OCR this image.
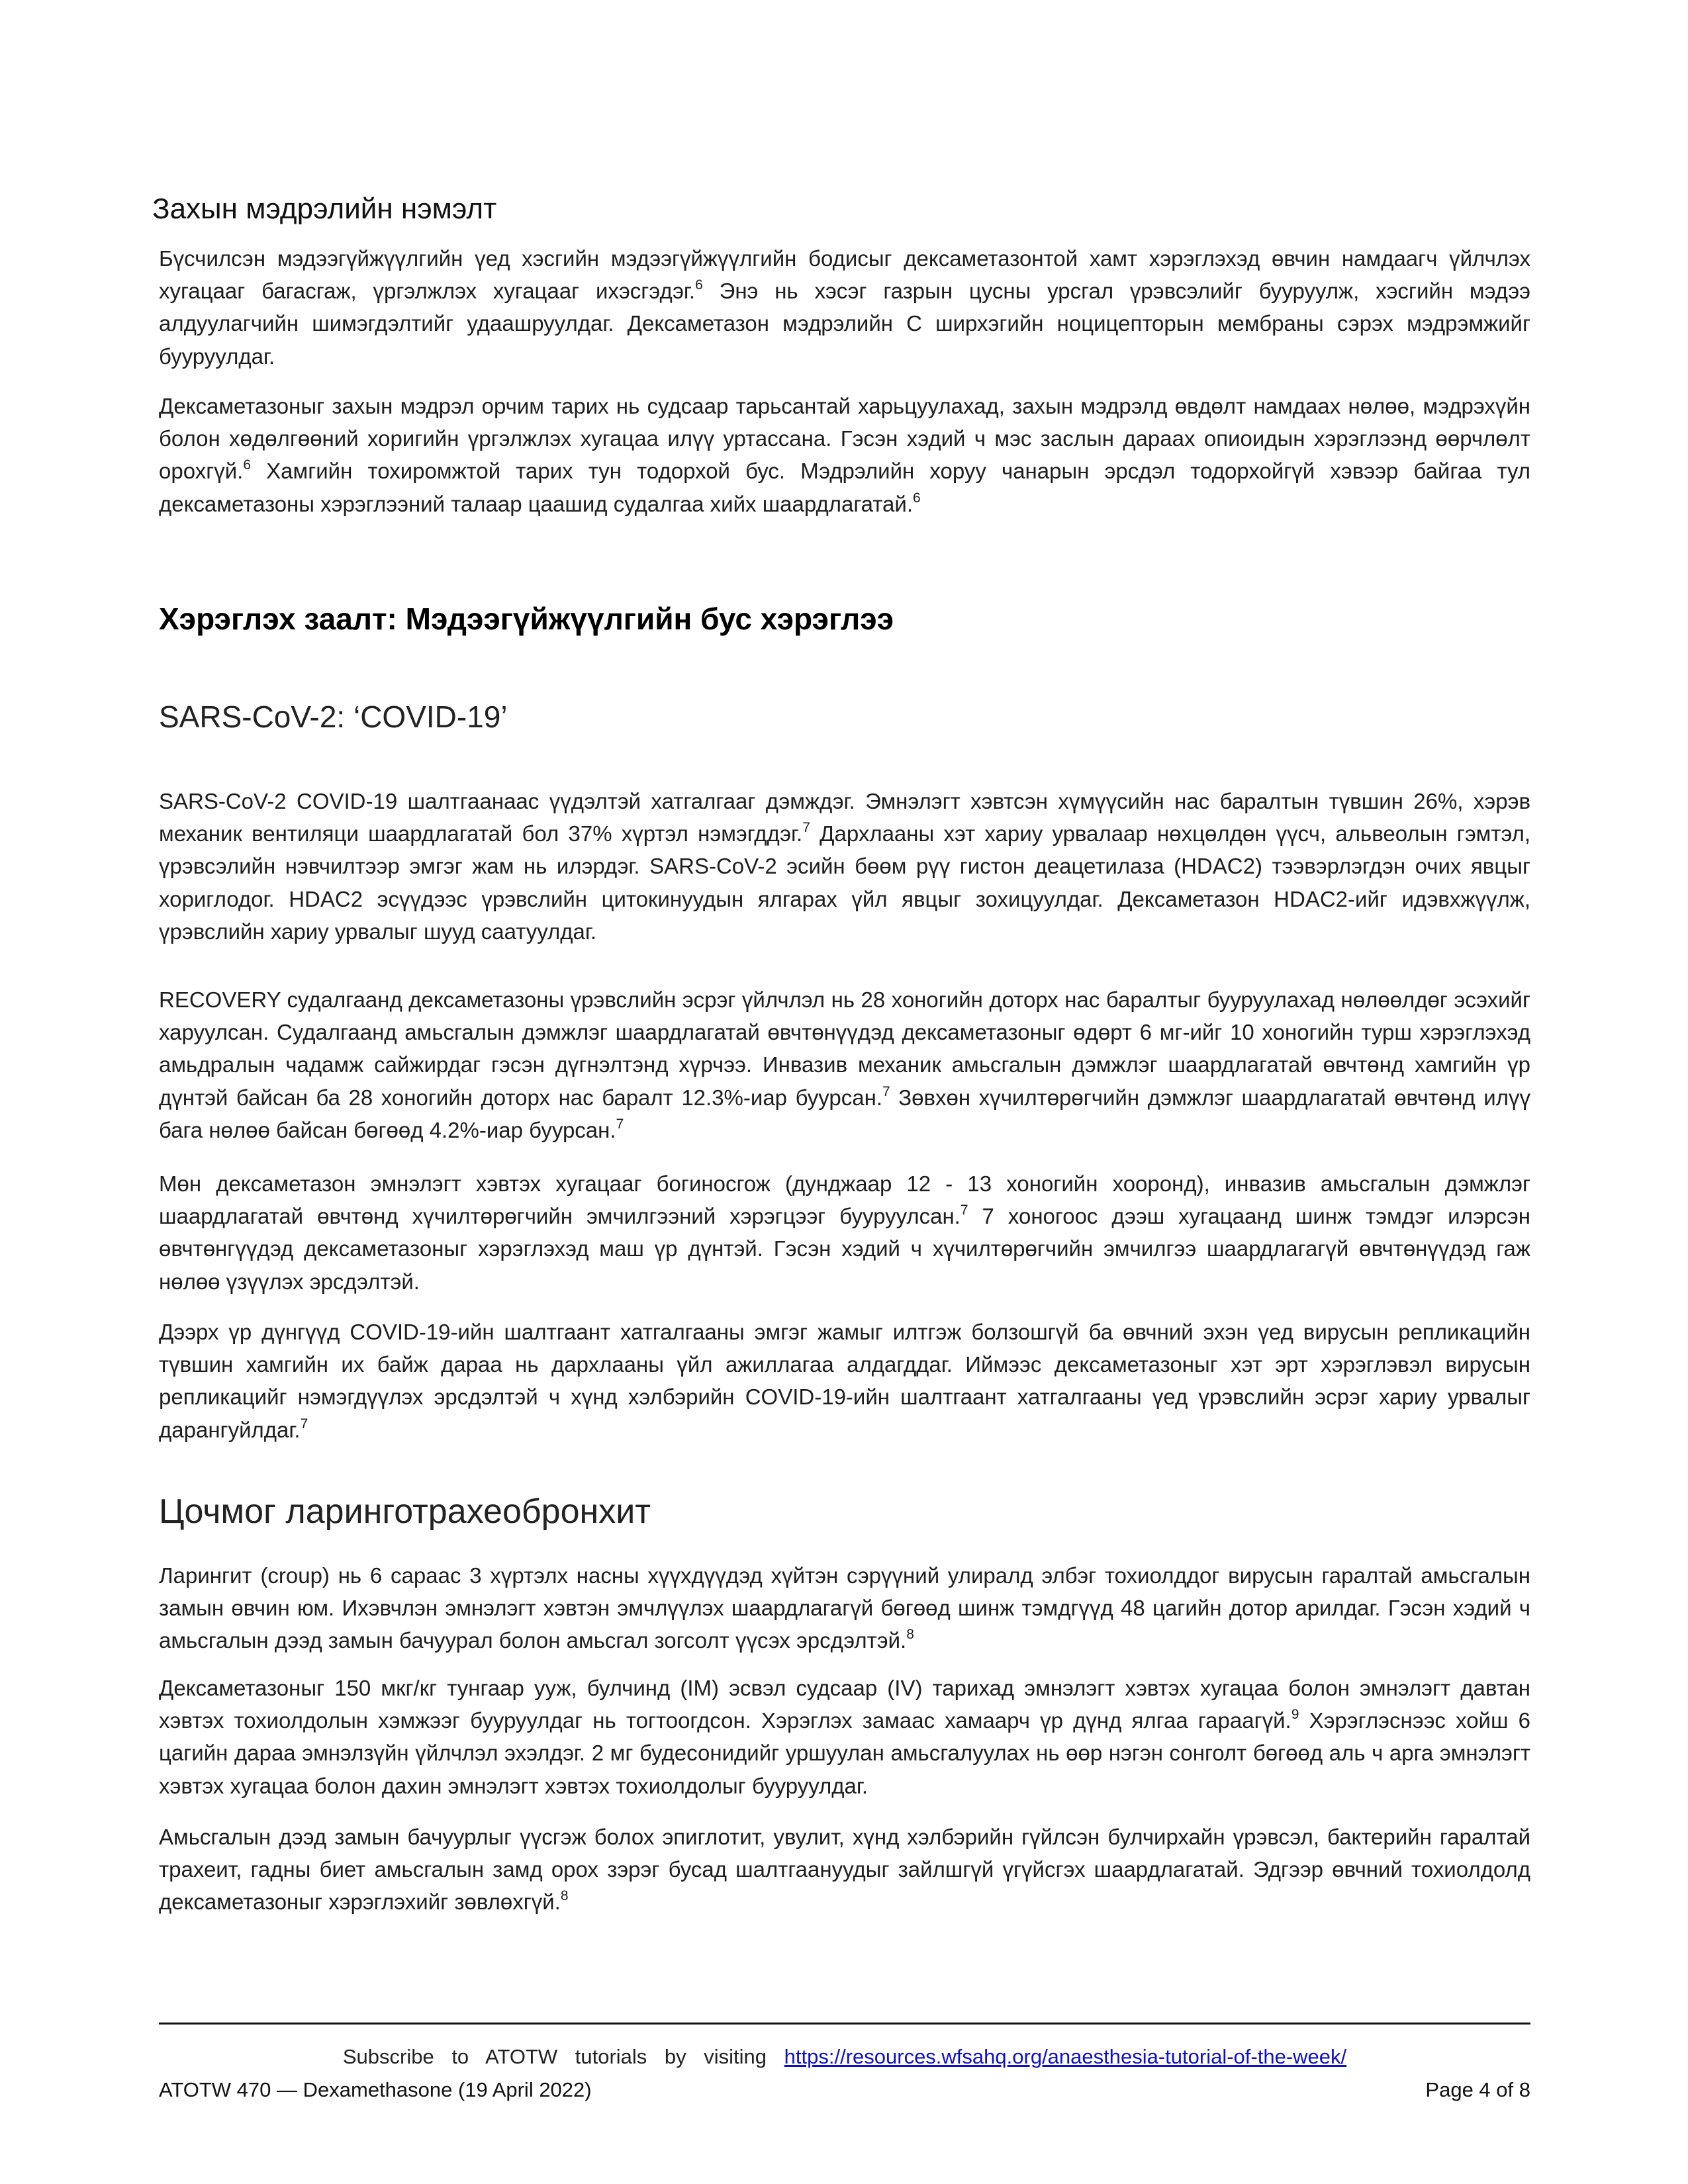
Захын мэдрэлийн нэмэлт

Бүсчилсэн мэдээгүйжүүлгийн үед хэсгийн мэдээгүйжүүлгийн бодисыг дексаметазонтой хамт хэрэглэхэд өвчин намдаагч үйлчлэх хугацааг багасгаж, үргэлжлэх хугацааг ихэсгэдэг.$^6$ Энэ нь хэсэг газрын цусны урсгал үрэвсэлийг бууруулж, хэсгийн мэдээ алдуулагчийн шимэгдэлтийг удаашруулдаг. Дексаметазон мэдрэлийн С ширхэгийн ноцицепторын мембраны сэрэх мэдрэмжийг бууруулдаг.

Дексаметазоныг захын мэдрэл орчим тарих нь судсаар тарьсантай харьцуулахад, захын мэдрэлд өвдөлт намдаах нөлөө, мэдрэхүйн болон хөдөлгөөний хоригийн үргэлжлэх хугацаа илүү уртассана. Гэсэн хэдий ч мэс заслын дараах опиоидын хэрэглээнд өөрчлөлт орохгүй.$^6$ Хамгийн тохиромжтой тарих тун тодорхой бус. Мэдрэлийн хоруу чанарын эрсдэл тодорхойгүй хэвээр байгаа тул дексаметазоны хэрэглээний талаар цаашид судалгаа хийх шаардлагатай.$^6$

Хэрэглэх заалт: Мэдээгүйжүүлгийн бус хэрэглээ
SARS-CoV-2: ‘COVID-19’

SARS-CoV-2 COVID-19 шалтгаанаас үүдэлтэй хатгалгааг дэмждэг. Эмнэлэгт хэвтсэн хүмүүсийн нас баралтын түвшин 26%, хэрэв механик вентиляци шаардлагатай бол 37% хүртэл нэмэгддэг.$^7$ Дархлааны хэт хариу урвалаар нөхцөлдөн үүсч, альвеолын гэмтэл, үрэвсэлийн нэвчилтээр эмгэг жам нь илэрдэг. SARS-CoV-2 эсийн бөөм рүү гистон деацетилаза (HDAC2) тээвэрлэгдэн очих явцыг хориглодог. HDAC2 эсүүдээс үрэвслийн цитокинуудын ялгарах үйл явцыг зохицуулдаг. Дексаметазон HDAC2-ийг идэвхжүүлж, үрэвслийн хариу урвалыг шууд саатуулдаг.

RECOVERY судалгаанд дексаметазоны үрэвслийн эсрэг үйлчлэл нь 28 хоногийн доторх нас баралтыг бууруулахад нөлөөлдөг эсэхийг харуулсан. Судалгаанд амьсгалын дэмжлэг шаардлагатай өвчтөнүүдэд дексаметазоныг өдөрт 6 мг-ийг 10 хоногийн турш хэрэглэхэд амьдралын чадамж сайжирдаг гэсэн дүгнэлтэнд хүрчээ. Инвазив механик амьсгалын дэмжлэг шаардлагатай өвчтөнд хамгийн үр дүнтэй байсан ба 28 хоногийн доторх нас баралт 12.3%-иар буурсан.$^7$ Зөвхөн хүчилтөрөгчийн дэмжлэг шаардлагатай өвчтөнд илүү бага нөлөө байсан бөгөөд 4.2%-иар буурсан.$^7$

Мөн дексаметазон эмнэлэгт хэвтэх хугацааг богиносгож (дунджаар 12 - 13 хоногийн хооронд), инвазив амьсгалын дэмжлэг шаардлагатай өвчтөнд хүчилтөрөгчийн эмчилгээний хэрэгцээг бууруулсан.$^7$ 7 хоногоос дээш хугацаанд шинж тэмдэг илэрсэн өвчтөнгүүдэд дексаметазоныг хэрэглэхэд маш үр дүнтэй. Гэсэн хэдий ч хүчилтөрөгчийн эмчилгээ шаардлагагүй өвчтөнүүдэд гаж нөлөө үзүүлэх эрсдэлтэй.

Дээрх үр дүнгүүд COVID-19-ийн шалтгаант хатгалгааны эмгэг жамыг илтгэж болзошгүй ба өвчний эхэн үед вирусын репликацийн түвшин хамгийн их байж дараа нь дархлааны үйл ажиллагаа алдагддаг. Иймээс дексаметазоныг хэт эрт хэрэглэвэл вирусын репликацийг нэмэгдүүлэх эрсдэлтэй ч хүнд хэлбэрийн COVID-19-ийн шалтгаант хатгалгааны үед үрэвслийн эсрэг хариу урвалыг дарангуйлдаг.$^7$

Цочмог ларинготрахеобронхит

Ларингит (croup) нь 6 сараас 3 хүртэлх насны хүүхдүүдэд хүйтэн сэрүүний улиралд элбэг тохиолддог вирусын гаралтай амьсгалын замын өвчин юм. Ихэвчлэн эмнэлэгт хэвтэн эмчлүүлэх шаардлагагүй бөгөөд шинж тэмдгүүд 48 цагийн дотор арилдаг. Гэсэн хэдий ч амьсгалын дээд замын бачуурал болон амьсгал зогсолт үүсэх эрсдэлтэй.$^8$

Дексаметазоныг 150 мкг/кг тунгаар ууж, булчинд (IM) эсвэл судсаар (IV) тарихад эмнэлэгт хэвтэх хугацаа болон эмнэлэгт давтан хэвтэх тохиолдолын хэмжээг бууруулдаг нь тогтоогдсон. Хэрэглэх замаас хамаарч үр дүнд ялгаа гараагүй.$^9$ Хэрэглэснээс хойш 6 цагийн дараа эмнэлзүйн үйлчлэл эхэлдэг. 2 мг будесонидийг уршуулан амьсгалуулах нь өөр нэгэн сонголт бөгөөд аль ч арга эмнэлэгт хэвтэх хугацаа болон дахин эмнэлэгт хэвтэх тохиолдолыг бууруулдаг.

Амьсгалын дээд замын бачуурлыг үүсгэж болох эпиглотит, увулит, хүнд хэлбэрийн гүйлсэн булчирхайн үрэвсэл, бактерийн гаралтай трахеит, гадны биет амьсгалын замд орох зэрэг бусад шалтгаануудыг зайлшгүй үгүйсгэх шаардлагатай. Эдгээр өвчний тохиолдолд дексаметазоныг хэрэглэхийг зөвлөхгүй.$^8$

Subscribe to ATOTW tutorials by visiting https://resources.wfsahq.org/anaesthesia-tutorial-of-the-week/
ATOTW 470 — Dexamethasone (19 April 2022)	Page 4 of 8
